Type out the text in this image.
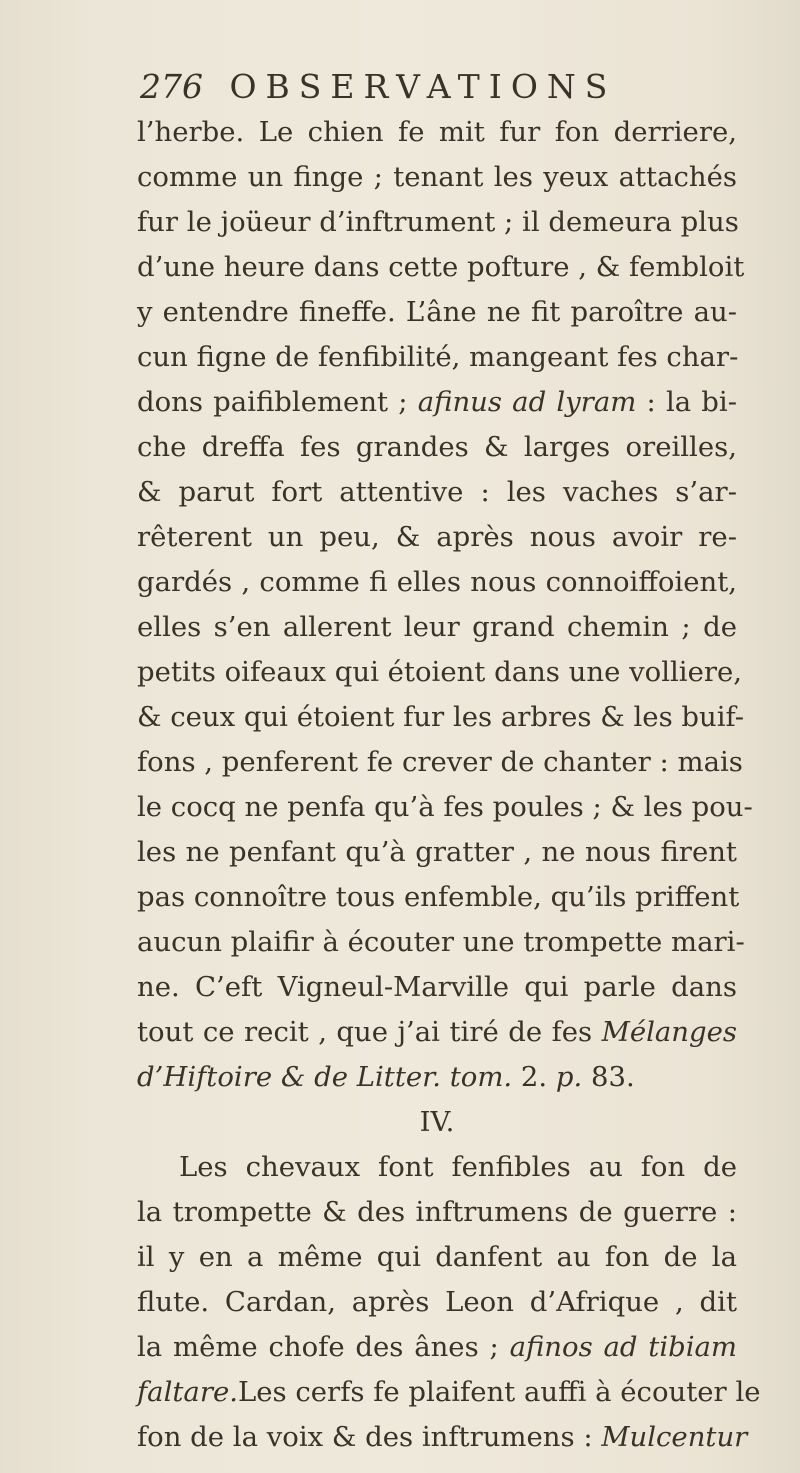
276 OBSERVATIONS
l’herbe. Le chien fe mit fur fon derriere,
comme un finge ; tenant les yeux attachés
fur le joüeur d’inftrument ; il demeura plus
d’une heure dans cette pofture , & fembloit
y entendre fineffe. L’âne ne fit paroître au-
cun figne de fenfibilité, mangeant fes char-
dons paifiblement ; afinus ad lyram : la bi-
che dreffa fes grandes & larges oreilles,
& parut fort attentive : les vaches s’ar-
rêterent un peu, & après nous avoir re-
gardés , comme fi elles nous connoiffoient,
elles s’en allerent leur grand chemin ; de
petits oifeaux qui étoient dans une volliere,
& ceux qui étoient fur les arbres & les buif-
fons , penferent fe crever de chanter : mais
le cocq ne penfa qu’à fes poules ; & les pou-
les ne penfant qu’à gratter , ne nous firent
pas connoître tous enfemble, qu’ils priffent
aucun plaifir à écouter une trompette mari-
ne. C’eft Vigneul-Marville qui parle dans
tout ce recit , que j’ai tiré de fes Mélanges
d’Hiftoire & de Litter. tom. 2. p. 83.
IV.
Les chevaux font fenfibles au fon de
la trompette & des inftrumens de guerre :
il y en a même qui danfent au fon de la
flute. Cardan, après Leon d’Afrique , dit
la même chofe des ânes ; afinos ad tibiam
faltare.Les cerfs fe plaifent auffi à écouter le
fon de la voix & des inftrumens : Mulcentur
